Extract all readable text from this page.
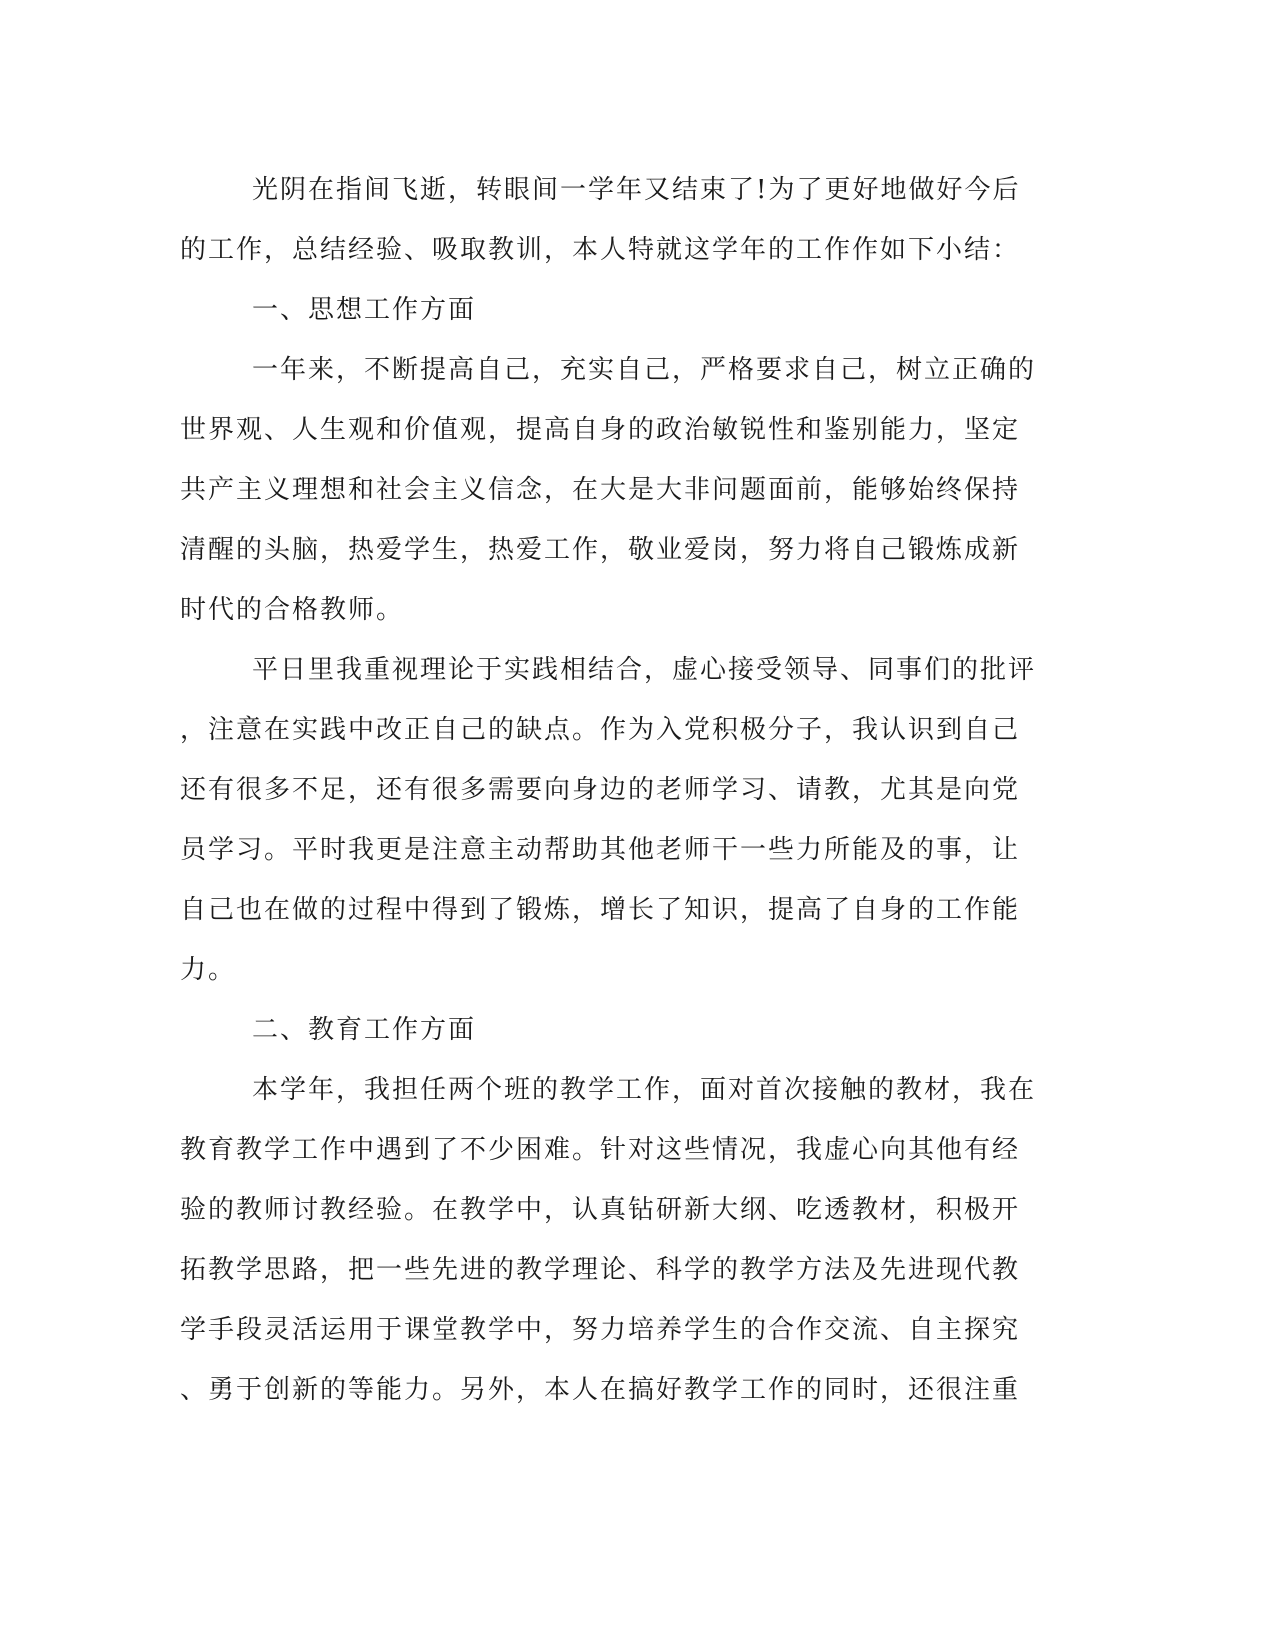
光阴在指间飞逝，转眼间一学年又结束了!为了更好地做好今后
的工作，总结经验、吸取教训，本人特就这学年的工作作如下小结：
一、思想工作方面
一年来，不断提高自己，充实自己，严格要求自己，树立正确的
世界观、人生观和价值观，提高自身的政治敏锐性和鉴别能力，坚定
共产主义理想和社会主义信念，在大是大非问题面前，能够始终保持
清醒的头脑，热爱学生，热爱工作，敬业爱岗，努力将自己锻炼成新
时代的合格教师。
平日里我重视理论于实践相结合，虚心接受领导、同事们的批评
，注意在实践中改正自己的缺点。作为入党积极分子，我认识到自己
还有很多不足，还有很多需要向身边的老师学习、请教，尤其是向党
员学习。平时我更是注意主动帮助其他老师干一些力所能及的事，让
自己也在做的过程中得到了锻炼，增长了知识，提高了自身的工作能
力。
二、教育工作方面
本学年，我担任两个班的教学工作，面对首次接触的教材，我在
教育教学工作中遇到了不少困难。针对这些情况，我虚心向其他有经
验的教师讨教经验。在教学中，认真钻研新大纲、吃透教材，积极开
拓教学思路，把一些先进的教学理论、科学的教学方法及先进现代教
学手段灵活运用于课堂教学中，努力培养学生的合作交流、自主探究
、勇于创新的等能力。另外，本人在搞好教学工作的同时，还很注重
